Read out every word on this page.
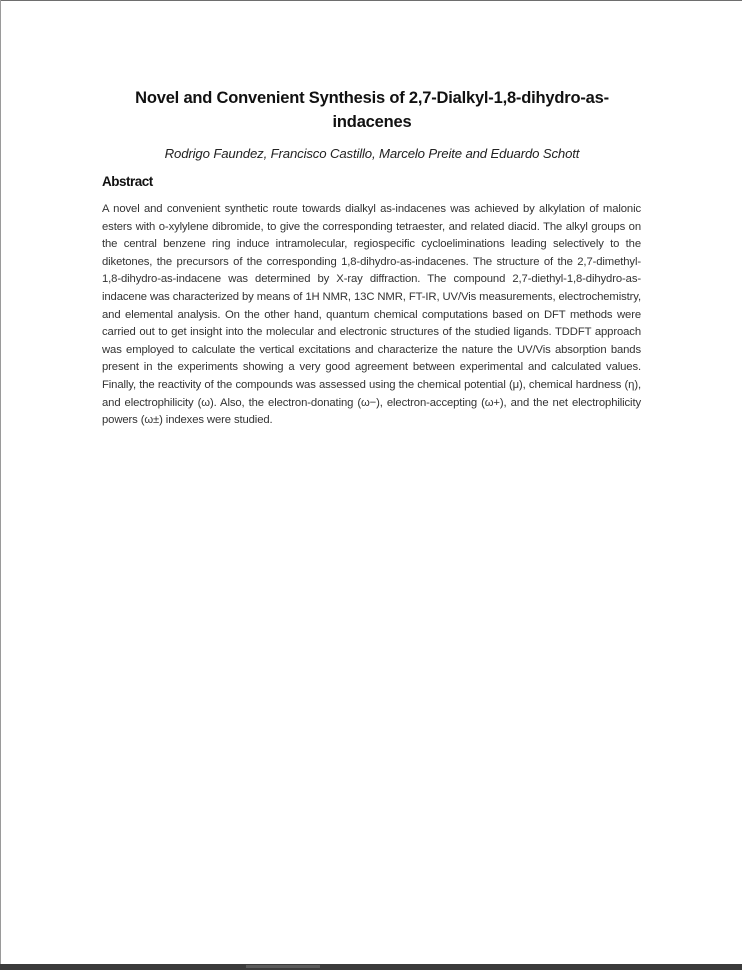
Novel and Convenient Synthesis of 2,7-Dialkyl-1,8-dihydro-as-indacenes
Rodrigo Faundez, Francisco Castillo, Marcelo Preite and Eduardo Schott
Abstract

A novel and convenient synthetic route towards dialkyl as-indacenes was achieved by alkylation of malonic esters with o-xylylene dibromide, to give the corresponding tetraester, and related diacid. The alkyl groups on the central benzene ring induce intramolecular, regiospecific cycloeliminations leading selectively to the diketones, the precursors of the corresponding 1,8-dihydro-as-indacenes. The structure of the 2,7-dimethyl-1,8-dihydro-as-indacene was determined by X-ray diffraction. The compound 2,7-diethyl-1,8-dihydro-as-indacene was characterized by means of 1H NMR, 13C NMR, FT-IR, UV/Vis measurements, electrochemistry, and elemental analysis. On the other hand, quantum chemical computations based on DFT methods were carried out to get insight into the molecular and electronic structures of the studied ligands. TDDFT approach was employed to calculate the vertical excitations and characterize the nature the UV/Vis absorption bands present in the experiments showing a very good agreement between experimental and calculated values. Finally, the reactivity of the compounds was assessed using the chemical potential (μ), chemical hardness (η), and electrophilicity (ω). Also, the electron-donating (ω−), electron-accepting (ω+), and the net electrophilicity powers (ω±) indexes were studied.
